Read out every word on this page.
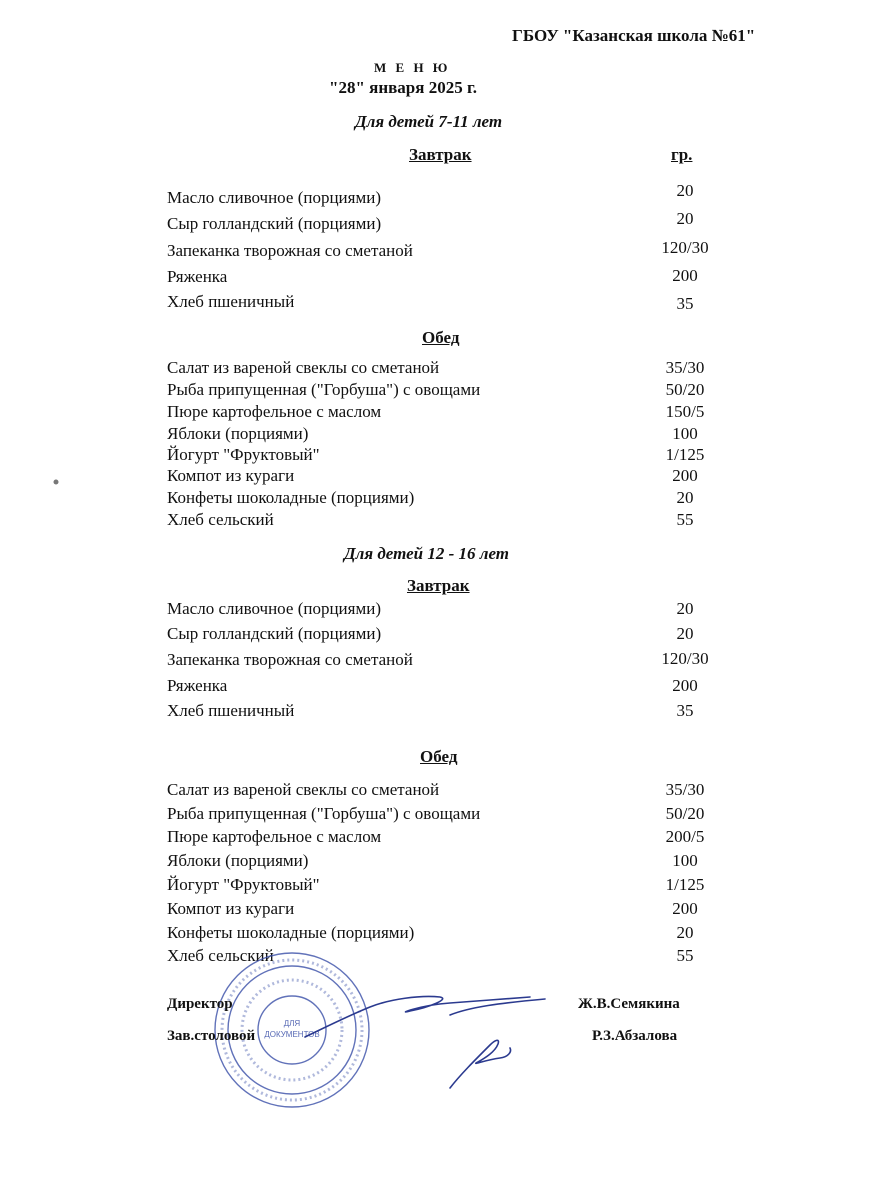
ГБОУ "Казанская школа №61"
М Е Н Ю
"28" января 2025 г.
Для детей 7-11 лет
Завтрак	гр.
Масло сливочное (порциями)	20
Сыр голландский (порциями)	20
Запеканка творожная со сметаной	120/30
Ряженка	200
Хлеб пшеничный	35
Обед
Салат из вареной свеклы со сметаной	35/30
Рыба припущенная ("Горбуша") с овощами	50/20
Пюре картофельное с маслом	150/5
Яблоки (порциями)	100
Йогурт "Фруктовый"	1/125
Компот из кураги	200
Конфеты шоколадные (порциями)	20
Хлеб сельский	55
Для детей 12 - 16 лет
Завтрак
Масло сливочное (порциями)	20
Сыр голландский (порциями)	20
Запеканка творожная со сметаной	120/30
Ряженка	200
Хлеб пшеничный	35
Обед
Салат из вареной свеклы со сметаной	35/30
Рыба припущенная ("Горбуша") с овощами	50/20
Пюре картофельное с маслом	200/5
Яблоки (порциями)	100
Йогурт "Фруктовый"	1/125
Компот из кураги	200
Конфеты шоколадные (порциями)	20
Хлеб сельский	55
ДЛЯ
ДОКУМЕНТОВ
Директор	Ж.В.Семякина
Зав.столовой	Р.З.Абзалова
